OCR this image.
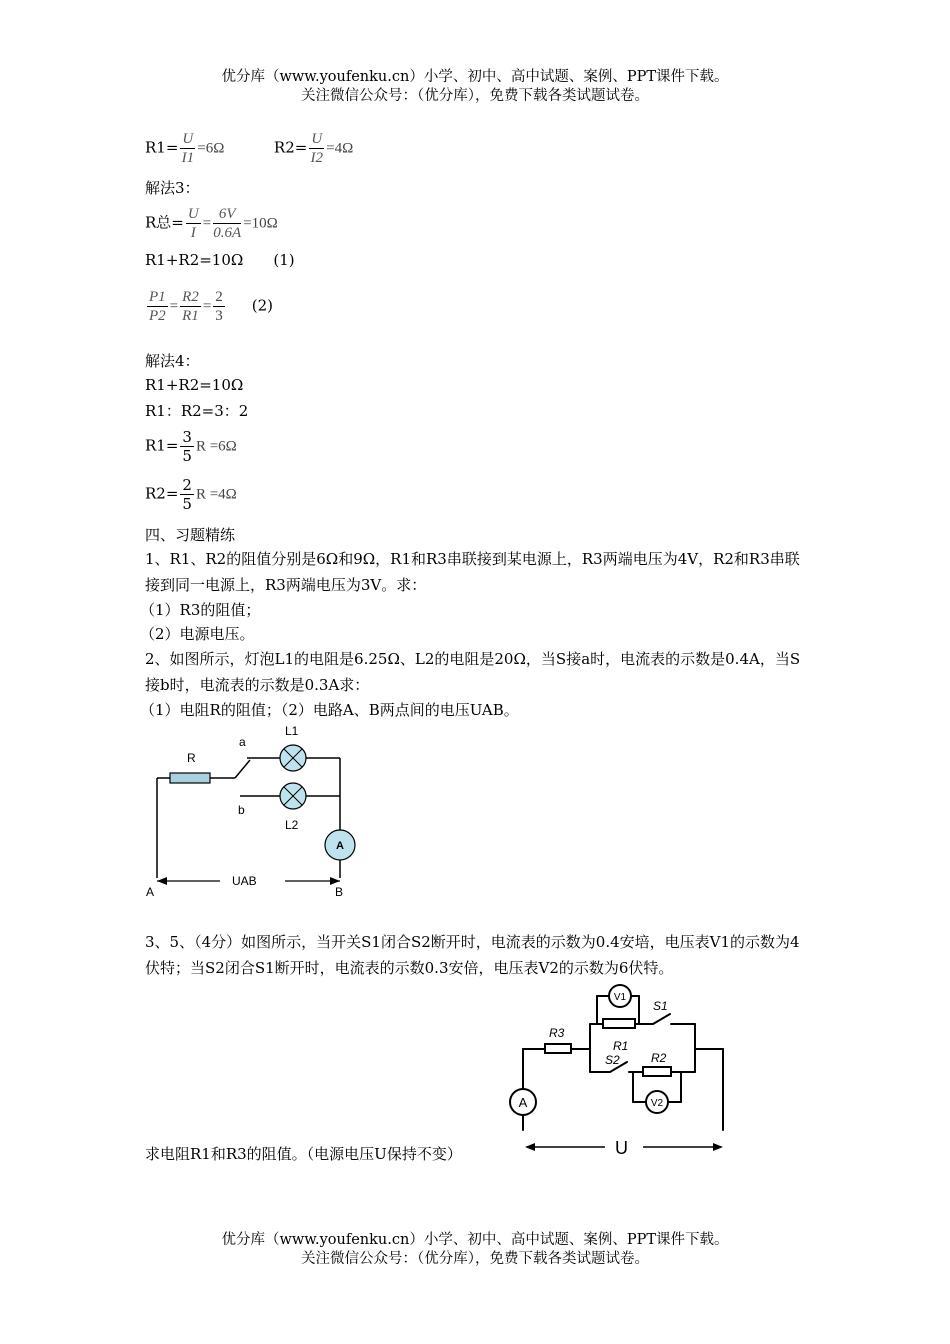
优分库（www.youfenku.cn）小学、初中、高中试题、案例、PPT课件下载。
关注微信公众号：（优分库），免费下载各类试题试卷。
$R1= \frac{U}{I1} =6\Omega$	$R2= \frac{U}{I2} =4\Omega$
解法3：
R总= $\frac{U}{I} = \frac{6V}{0.6A} =10\Omega$
R1+R2=10Ω (1)
$\frac{P1}{P2} = \frac{R2}{R1} = \frac{2}{3} (2)$
解法4：
R1+R2=10Ω
R1：R2=3：2
$R1= \frac{3}{5}$ R =6Ω
$R2= \frac{2}{5}$ R =4Ω
四、习题精练
1、R1、R2的阻值分别是6Ω和9Ω，R1和R3串联接到某电源上，R3两端电压为4V，R2和R3串联接到同一电源上，R3两端电压为3V。求：
（1）R3的阻值；
（2）电源电压。
2、如图所示，灯泡L1的电阻是6.25Ω、L2的电阻是20Ω，当S接a时，电流表的示数是0.4A，当S接b时，电流表的示数是0.3A求：
（1）电阻R的阻值；（2）电路A、B两点间的电压UAB。
A
R
a
b
L1
L2
UAB
A	B
3、5、（4分）如图所示，当开关S1闭合S2断开时，电流表的示数为0.4安培，电压表V1的示数为4伏特；当S2闭合S1断开时，电流表的示数0.3安倍，电压表V2的示数为6伏特。
V1
V2
A
U
R3
R1
R2
S1
S2
求电阻R1和R3的阻值。（电源电压U保持不变）
优分库（www.youfenku.cn）小学、初中、高中试题、案例、PPT课件下载。
关注微信公众号：（优分库），免费下载各类试题试卷。
